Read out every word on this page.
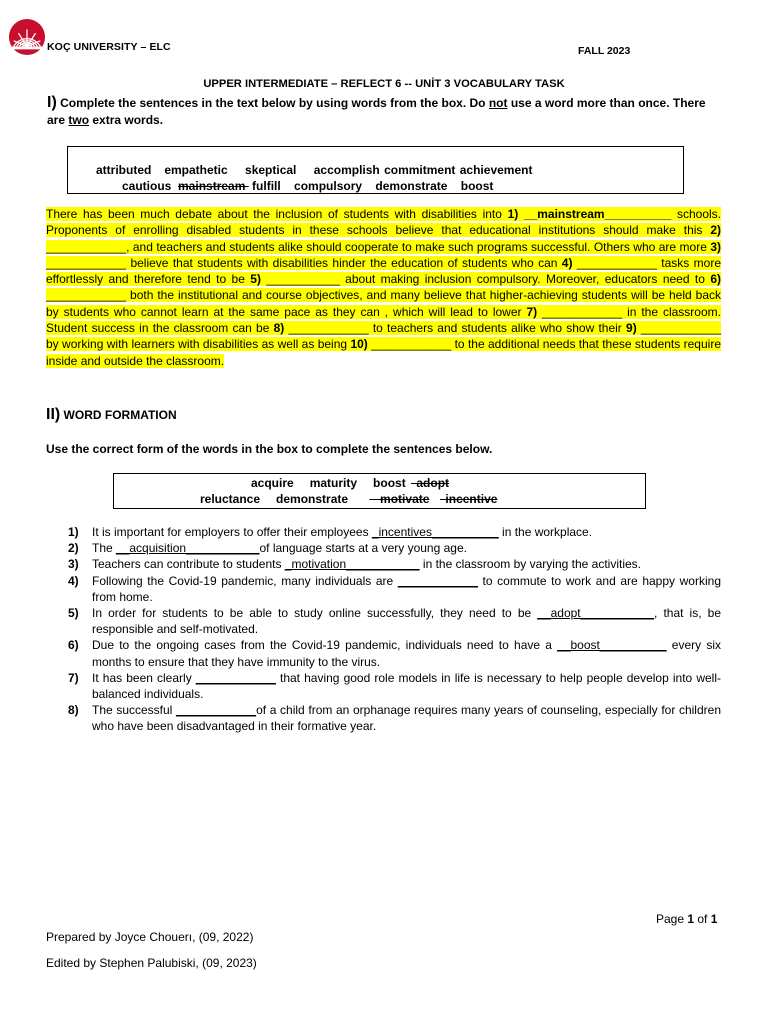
KOÇ UNIVERSITY – ELC	FALL 2023
UPPER INTERMEDIATE – REFLECT 6 -- UNİT 3 VOCABULARY TASK
I) Complete the sentences in the text below by using words from the box. Do not use a word more than once. There are two extra words.
attributed   empathetic    skeptical    accomplish commitment achievement
cautious  mainstream  fulfill    compulsory    demonstrate    boost
There has been much debate about the inclusion of students with disabilities into 1) __mainstream__________ schools. Proponents of enrolling disabled students in these schools believe that educational institutions should make this 2) ____________, and teachers and students alike should cooperate to make such programs successful. Others who are more 3) ____________ believe that students with disabilities hinder the education of students who can 4) ____________ tasks more effortlessly and therefore tend to be 5) ___________ about making inclusion compulsory. Moreover, educators need to 6) ____________ both the institutional and course objectives, and many believe that higher-achieving students will be held back by students who cannot learn at the same pace as they can , which will lead to lower 7) ____________ in the classroom. Student success in the classroom can be 8) ____________ to teachers and students alike who show their 9) ____________ by working with learners with disabilities as well as being 10) ____________ to the additional needs that these students require inside and outside the classroom.
II) WORD FORMATION
Use the correct form of the words in the box to complete the sentences below.
acquire   maturity   boost  adopt
reluctance   demonstrate      motivate   incentive
1)	It is important for employers to offer their employees _incentives__________ in the workplace.
2)	The __acquisition___________of language starts at a very young age.
3)	Teachers can contribute to students _motivation___________ in the classroom by varying the activities.
4)	Following the Covid-19 pandemic, many individuals are ____________ to commute to work and are happy working from home.
5)	In order for students to be able to study online successfully, they need to be __adopt___________, that is, be responsible and self-motivated.
6)	Due to the ongoing cases from the Covid-19 pandemic, individuals need to have a __boost__________ every six months to ensure that they have immunity to the virus.
7)	It has been clearly ____________ that having good role models in life is necessary to help people develop into well-balanced individuals.
8)	The successful ____________of a child from an orphanage requires many years of counseling, especially for children who have been disadvantaged in their formative year.
Page 1 of 1
Prepared by Joyce Chouerı, (09, 2022)
Edited by Stephen Palubiski, (09, 2023)
